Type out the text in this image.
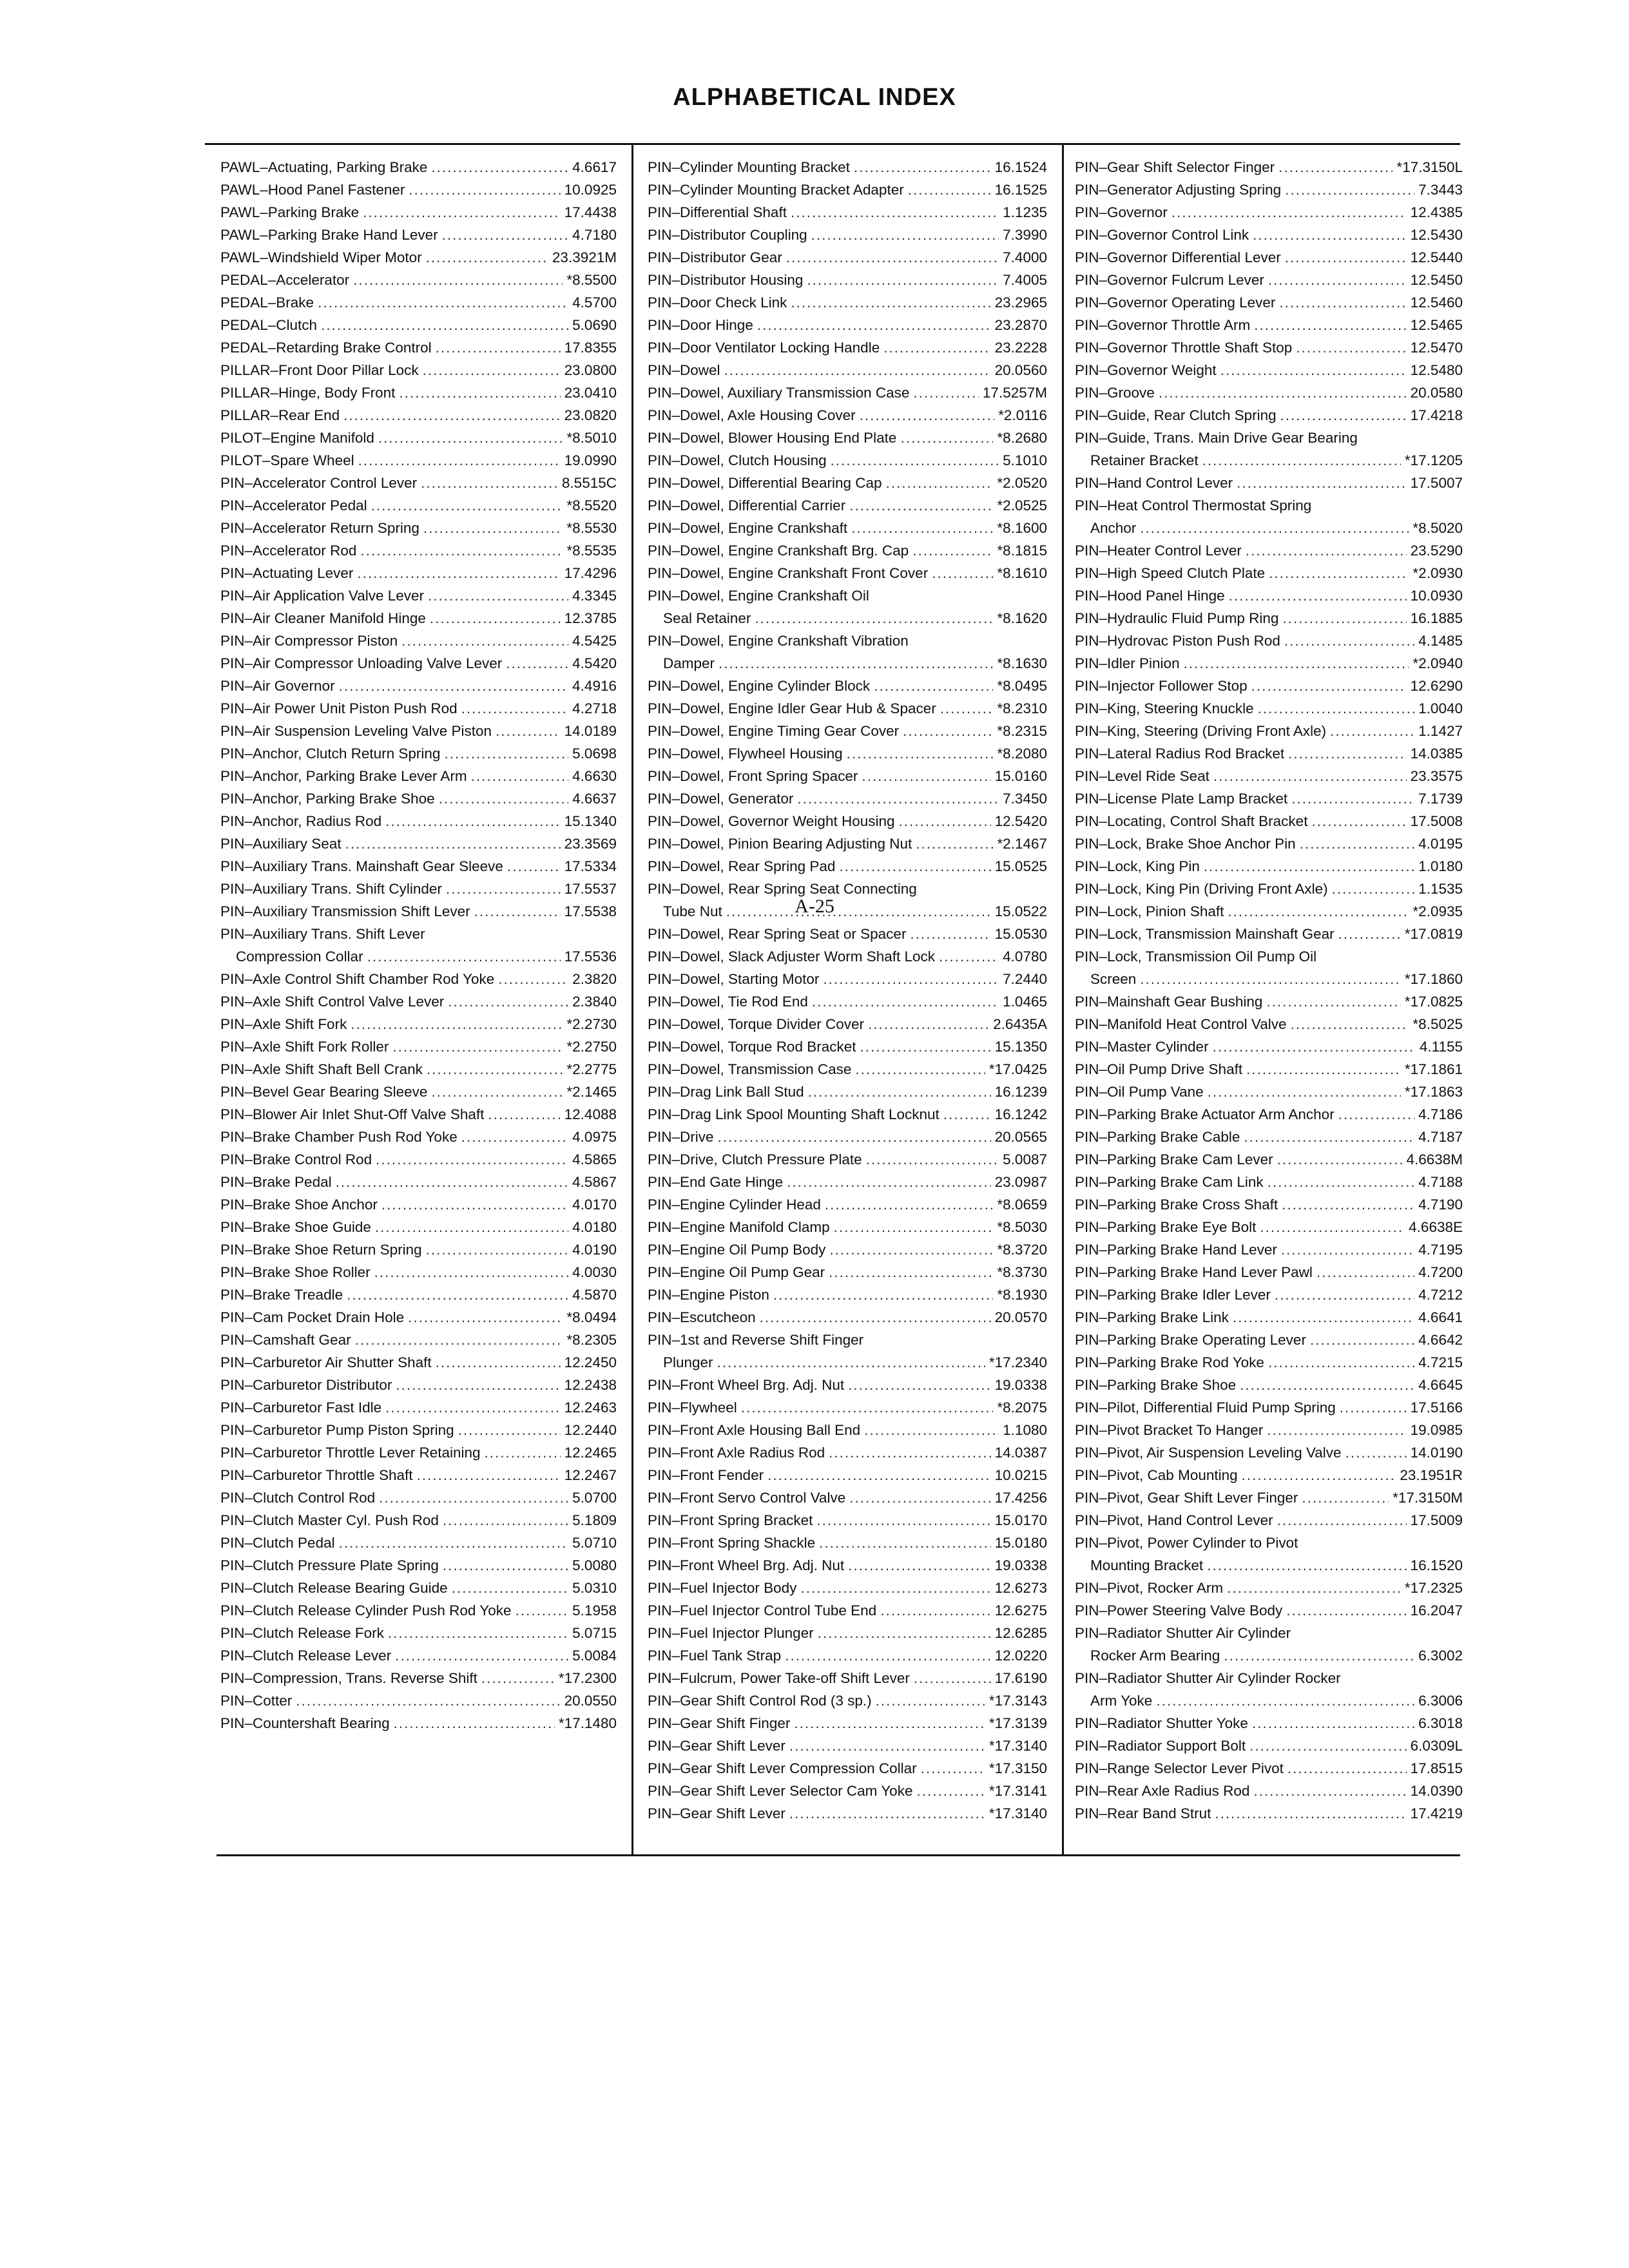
ALPHABETICAL INDEX
PAWL–Actuating, Parking Brake .....	4.6617
PAWL–Hood Panel Fastener .....	10.0925
PAWL–Parking Brake .....	17.4438
PAWL–Parking Brake Hand Lever .....	4.7180
PAWL–Windshield Wiper Motor .....	23.3921M
PEDAL–Accelerator .....	*8.5500
PEDAL–Brake .....	4.5700
PEDAL–Clutch .....	5.0690
PEDAL–Retarding Brake Control .....	17.8355
PILLAR–Front Door Pillar Lock .....	23.0800
PILLAR–Hinge, Body Front .....	23.0410
PILLAR–Rear End .....	23.0820
PILOT–Engine Manifold .....	*8.5010
PILOT–Spare Wheel .....	19.0990
PIN–Accelerator Control Lever .....	8.5515C
PIN–Accelerator Pedal .....	*8.5520
PIN–Accelerator Return Spring .....	*8.5530
PIN–Accelerator Rod .....	*8.5535
PIN–Actuating Lever .....	17.4296
PIN–Air Application Valve Lever .....	4.3345
PIN–Air Cleaner Manifold Hinge .....	12.3785
PIN–Air Compressor Piston .....	4.5425
PIN–Air Compressor Unloading Valve Lever .....	4.5420
PIN–Air Governor .....	4.4916
PIN–Air Power Unit Piston Push Rod .....	4.2718
PIN–Air Suspension Leveling Valve Piston .....	14.0189
PIN–Anchor, Clutch Return Spring .....	5.0698
PIN–Anchor, Parking Brake Lever Arm .....	4.6630
PIN–Anchor, Parking Brake Shoe .....	4.6637
PIN–Anchor, Radius Rod .....	15.1340
PIN–Auxiliary Seat .....	23.3569
PIN–Auxiliary Trans. Mainshaft Gear Sleeve .....	17.5334
PIN–Auxiliary Trans. Shift Cylinder .....	17.5537
PIN–Auxiliary Transmission Shift Lever .....	17.5538
PIN–Auxiliary Trans. Shift Lever
Compression Collar .....	17.5536
PIN–Axle Control Shift Chamber Rod Yoke .....	2.3820
PIN–Axle Shift Control Valve Lever .....	2.3840
PIN–Axle Shift Fork .....	*2.2730
PIN–Axle Shift Fork Roller .....	*2.2750
PIN–Axle Shift Shaft Bell Crank .....	*2.2775
PIN–Bevel Gear Bearing Sleeve .....	*2.1465
PIN–Blower Air Inlet Shut-Off Valve Shaft .....	12.4088
PIN–Brake Chamber Push Rod Yoke .....	4.0975
PIN–Brake Control Rod .....	4.5865
PIN–Brake Pedal .....	4.5867
PIN–Brake Shoe Anchor .....	4.0170
PIN–Brake Shoe Guide .....	4.0180
PIN–Brake Shoe Return Spring .....	4.0190
PIN–Brake Shoe Roller .....	4.0030
PIN–Brake Treadle .....	4.5870
PIN–Cam Pocket Drain Hole .....	*8.0494
PIN–Camshaft Gear .....	*8.2305
PIN–Carburetor Air Shutter Shaft .....	12.2450
PIN–Carburetor Distributor .....	12.2438
PIN–Carburetor Fast Idle .....	12.2463
PIN–Carburetor Pump Piston Spring .....	12.2440
PIN–Carburetor Throttle Lever Retaining .....	12.2465
PIN–Carburetor Throttle Shaft .....	12.2467
PIN–Clutch Control Rod .....	5.0700
PIN–Clutch Master Cyl. Push Rod .....	5.1809
PIN–Clutch Pedal .....	5.0710
PIN–Clutch Pressure Plate Spring .....	5.0080
PIN–Clutch Release Bearing Guide .....	5.0310
PIN–Clutch Release Cylinder Push Rod Yoke .....	5.1958
PIN–Clutch Release Fork .....	5.0715
PIN–Clutch Release Lever .....	5.0084
PIN–Compression, Trans. Reverse Shift .....	*17.2300
PIN–Cotter .....	20.0550
PIN–Countershaft Bearing .....	*17.1480
PIN–Cylinder Mounting Bracket .....	16.1524
PIN–Cylinder Mounting Bracket Adapter .....	16.1525
PIN–Differential Shaft .....	1.1235
PIN–Distributor Coupling .....	7.3990
PIN–Distributor Gear .....	7.4000
PIN–Distributor Housing .....	7.4005
PIN–Door Check Link .....	23.2965
PIN–Door Hinge .....	23.2870
PIN–Door Ventilator Locking Handle .....	23.2228
PIN–Dowel .....	20.0560
PIN–Dowel, Auxiliary Transmission Case .....	17.5257M
PIN–Dowel, Axle Housing Cover .....	*2.0116
PIN–Dowel, Blower Housing End Plate .....	*8.2680
PIN–Dowel, Clutch Housing .....	5.1010
PIN–Dowel, Differential Bearing Cap .....	*2.0520
PIN–Dowel, Differential Carrier .....	*2.0525
PIN–Dowel, Engine Crankshaft .....	*8.1600
PIN–Dowel, Engine Crankshaft Brg. Cap .....	*8.1815
PIN–Dowel, Engine Crankshaft Front Cover .....	*8.1610
PIN–Dowel, Engine Crankshaft Oil
Seal Retainer .....	*8.1620
PIN–Dowel, Engine Crankshaft Vibration
Damper .....	*8.1630
PIN–Dowel, Engine Cylinder Block .....	*8.0495
PIN–Dowel, Engine Idler Gear Hub & Spacer .....	*8.2310
PIN–Dowel, Engine Timing Gear Cover .....	*8.2315
PIN–Dowel, Flywheel Housing .....	*8.2080
PIN–Dowel, Front Spring Spacer .....	15.0160
PIN–Dowel, Generator .....	7.3450
PIN–Dowel, Governor Weight Housing .....	12.5420
PIN–Dowel, Pinion Bearing Adjusting Nut .....	*2.1467
PIN–Dowel, Rear Spring Pad .....	15.0525
PIN–Dowel, Rear Spring Seat Connecting
Tube Nut .....	15.0522
PIN–Dowel, Rear Spring Seat or Spacer .....	15.0530
PIN–Dowel, Slack Adjuster Worm Shaft Lock .....	4.0780
PIN–Dowel, Starting Motor .....	7.2440
PIN–Dowel, Tie Rod End .....	1.0465
PIN–Dowel, Torque Divider Cover .....	2.6435A
PIN–Dowel, Torque Rod Bracket .....	15.1350
PIN–Dowel, Transmission Case .....	*17.0425
PIN–Drag Link Ball Stud .....	16.1239
PIN–Drag Link Spool Mounting Shaft Locknut .....	16.1242
PIN–Drive .....	20.0565
PIN–Drive, Clutch Pressure Plate .....	5.0087
PIN–End Gate Hinge .....	23.0987
PIN–Engine Cylinder Head .....	*8.0659
PIN–Engine Manifold Clamp .....	*8.5030
PIN–Engine Oil Pump Body .....	*8.3720
PIN–Engine Oil Pump Gear .....	*8.3730
PIN–Engine Piston .....	*8.1930
PIN–Escutcheon .....	20.0570
PIN–1st and Reverse Shift Finger
Plunger .....	*17.2340
PIN–Front Wheel Brg. Adj. Nut .....	19.0338
PIN–Flywheel .....	*8.2075
PIN–Front Axle Housing Ball End .....	1.1080
PIN–Front Axle Radius Rod .....	14.0387
PIN–Front Fender .....	10.0215
PIN–Front Servo Control Valve .....	17.4256
PIN–Front Spring Bracket .....	15.0170
PIN–Front Spring Shackle .....	15.0180
PIN–Front Wheel Brg. Adj. Nut .....	19.0338
PIN–Fuel Injector Body .....	12.6273
PIN–Fuel Injector Control Tube End .....	12.6275
PIN–Fuel Injector Plunger .....	12.6285
PIN–Fuel Tank Strap .....	12.0220
PIN–Fulcrum, Power Take-off Shift Lever .....	17.6190
PIN–Gear Shift Control Rod (3 sp.) .....	*17.3143
PIN–Gear Shift Finger .....	*17.3139
PIN–Gear Shift Lever .....	*17.3140
PIN–Gear Shift Lever Compression Collar .....	*17.3150
PIN–Gear Shift Lever Selector Cam Yoke .....	*17.3141
PIN–Gear Shift Lever .....	*17.3140
PIN–Gear Shift Selector Finger .....	*17.3150L
PIN–Generator Adjusting Spring .....	7.3443
PIN–Governor .....	12.4385
PIN–Governor Control Link .....	12.5430
PIN–Governor Differential Lever .....	12.5440
PIN–Governor Fulcrum Lever .....	12.5450
PIN–Governor Operating Lever .....	12.5460
PIN–Governor Throttle Arm .....	12.5465
PIN–Governor Throttle Shaft Stop .....	12.5470
PIN–Governor Weight .....	12.5480
PIN–Groove .....	20.0580
PIN–Guide, Rear Clutch Spring .....	17.4218
PIN–Guide, Trans. Main Drive Gear Bearing
Retainer Bracket .....	*17.1205
PIN–Hand Control Lever .....	17.5007
PIN–Heat Control Thermostat Spring
Anchor .....	*8.5020
PIN–Heater Control Lever .....	23.5290
PIN–High Speed Clutch Plate .....	*2.0930
PIN–Hood Panel Hinge .....	10.0930
PIN–Hydraulic Fluid Pump Ring .....	16.1885
PIN–Hydrovac Piston Push Rod .....	4.1485
PIN–Idler Pinion .....	*2.0940
PIN–Injector Follower Stop .....	12.6290
PIN–King, Steering Knuckle .....	1.0040
PIN–King, Steering (Driving Front Axle) .....	1.1427
PIN–Lateral Radius Rod Bracket .....	14.0385
PIN–Level Ride Seat .....	23.3575
PIN–License Plate Lamp Bracket .....	7.1739
PIN–Locating, Control Shaft Bracket .....	17.5008
PIN–Lock, Brake Shoe Anchor Pin .....	4.0195
PIN–Lock, King Pin .....	1.0180
PIN–Lock, King Pin (Driving Front Axle) .....	1.1535
PIN–Lock, Pinion Shaft .....	*2.0935
PIN–Lock, Transmission Mainshaft Gear .....	*17.0819
PIN–Lock, Transmission Oil Pump Oil
Screen .....	*17.1860
PIN–Mainshaft Gear Bushing .....	*17.0825
PIN–Manifold Heat Control Valve .....	*8.5025
PIN–Master Cylinder .....	4.1155
PIN–Oil Pump Drive Shaft .....	*17.1861
PIN–Oil Pump Vane .....	*17.1863
PIN–Parking Brake Actuator Arm Anchor .....	4.7186
PIN–Parking Brake Cable .....	4.7187
PIN–Parking Brake Cam Lever .....	4.6638M
PIN–Parking Brake Cam Link .....	4.7188
PIN–Parking Brake Cross Shaft .....	4.7190
PIN–Parking Brake Eye Bolt .....	4.6638E
PIN–Parking Brake Hand Lever .....	4.7195
PIN–Parking Brake Hand Lever Pawl .....	4.7200
PIN–Parking Brake Idler Lever .....	4.7212
PIN–Parking Brake Link .....	4.6641
PIN–Parking Brake Operating Lever .....	4.6642
PIN–Parking Brake Rod Yoke .....	4.7215
PIN–Parking Brake Shoe .....	4.6645
PIN–Pilot, Differential Fluid Pump Spring .....	17.5166
PIN–Pivot Bracket To Hanger .....	19.0985
PIN–Pivot, Air Suspension Leveling Valve .....	14.0190
PIN–Pivot, Cab Mounting .....	23.1951R
PIN–Pivot, Gear Shift Lever Finger .....	*17.3150M
PIN–Pivot, Hand Control Lever .....	17.5009
PIN–Pivot, Power Cylinder to Pivot
Mounting Bracket .....	16.1520
PIN–Pivot, Rocker Arm .....	*17.2325
PIN–Power Steering Valve Body .....	16.2047
PIN–Radiator Shutter Air Cylinder
Rocker Arm Bearing .....	6.3002
PIN–Radiator Shutter Air Cylinder Rocker
Arm Yoke .....	6.3006
PIN–Radiator Shutter Yoke .....	6.3018
PIN–Radiator Support Bolt .....	6.0309L
PIN–Range Selector Lever Pivot .....	17.8515
PIN–Rear Axle Radius Rod .....	14.0390
PIN–Rear Band Strut .....	17.4219
A-25
